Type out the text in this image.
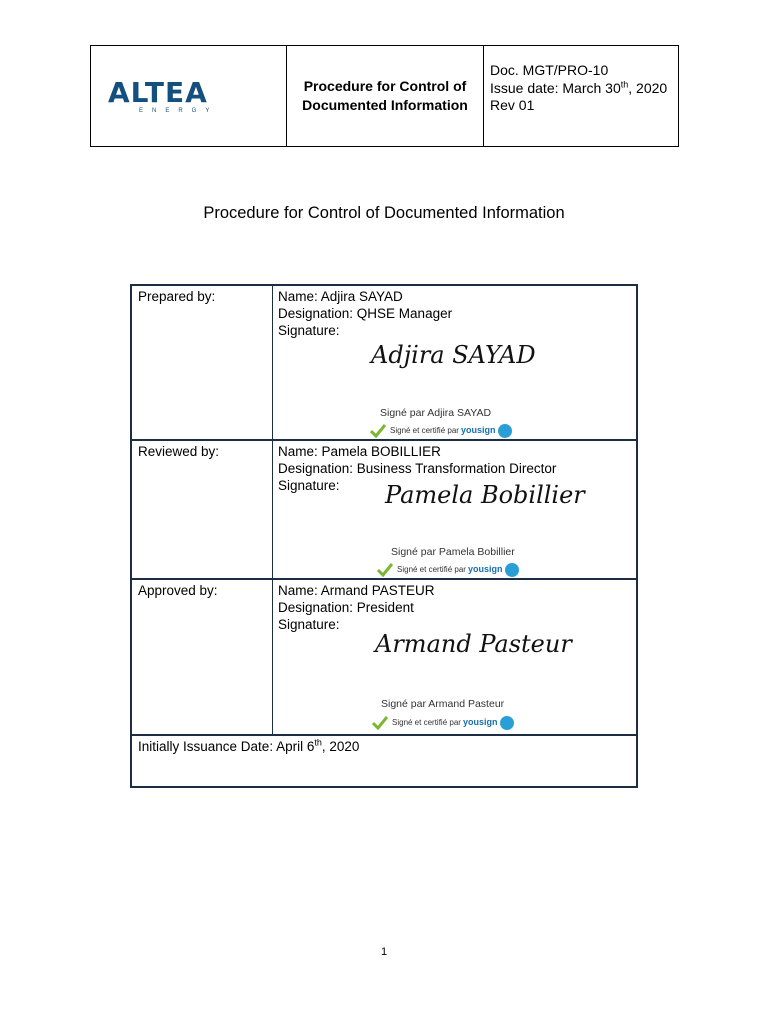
ALTEA
ENERGY
Procedure for Control of Documented Information
Doc. MGT/PRO-10
Issue date: March 30th, 2020
Rev 01
Procedure for Control of Documented Information
Prepared by:	Name: Adjira SAYAD
Designation: QHSE Manager
Signature:
Adjira SAYAD
Signé par Adjira SAYAD
Signé et certifié par yousign
Reviewed by:	Name: Pamela BOBILLIER
Designation: Business Transformation Director
Signature:	Pamela Bobillier
Signé par Pamela Bobillier
Signé et certifié par yousign
Approved by:	Name: Armand PASTEUR
Designation: President
Signature:
Armand Pasteur
Signé par Armand Pasteur
Signé et certifié par yousign
Initially Issuance Date: April 6th, 2020
1
